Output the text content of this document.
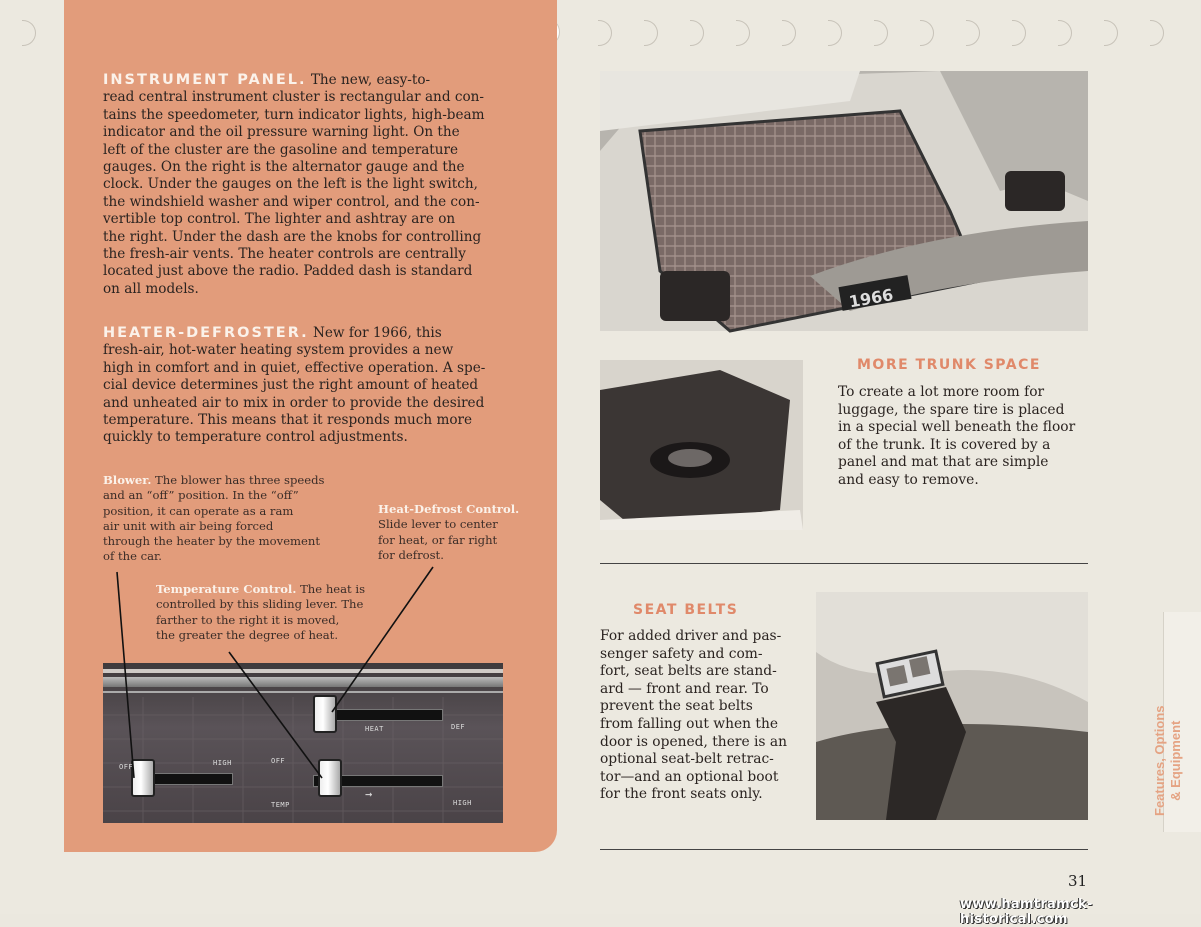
INSTRUMENT PANEL. The new, easy-to-
read central instrument cluster is rectangular and con-
tains the speedometer, turn indicator lights, high-beam
indicator and the oil pressure warning light. On the
left of the cluster are the gasoline and temperature
gauges. On the right is the alternator gauge and the
clock. Under the gauges on the left is the light switch,
the windshield washer and wiper control, and the con-
vertible top control. The lighter and ashtray are on
the right. Under the dash are the knobs for controlling
the fresh-air vents. The heater controls are centrally
located just above the radio. Padded dash is standard
on all models.
HEATER-DEFROSTER. New for 1966, this
fresh-air, hot-water heating system provides a new
high in comfort and in quiet, effective operation. A spe-
cial device determines just the right amount of heated
and unheated air to mix in order to provide the desired
temperature. This means that it responds much more
quickly to temperature control adjustments.
Blower. The blower has three speeds
and an “off” position. In the “off”
position, it can operate as a ram
air unit with air being forced
through the heater by the movement
of the car.
Heat-Defrost Control.
Slide lever to center
for heat, or far right
for defrost.
Temperature Control. The heat is
controlled by this sliding lever. The
farther to the right it is moved,
the greater the degree of heat.
OFF	HIGH	OFF
HEAT	DEF
TEMP	HIGH
→
1966
MORE TRUNK SPACE
To create a lot more room for
luggage, the spare tire is placed
in a special well beneath the floor
of the trunk. It is covered by a
panel and mat that are simple
and easy to remove.
SEAT BELTS
For added driver and pas-
senger safety and com-
fort, seat belts are stand-
ard — front and rear. To
prevent the seat belts
from falling out when the
door is opened, there is an
optional seat-belt retrac-
tor—and an optional boot
for the front seats only.	Features, Options & Equipment
31
www.hamtramck-historical.com
